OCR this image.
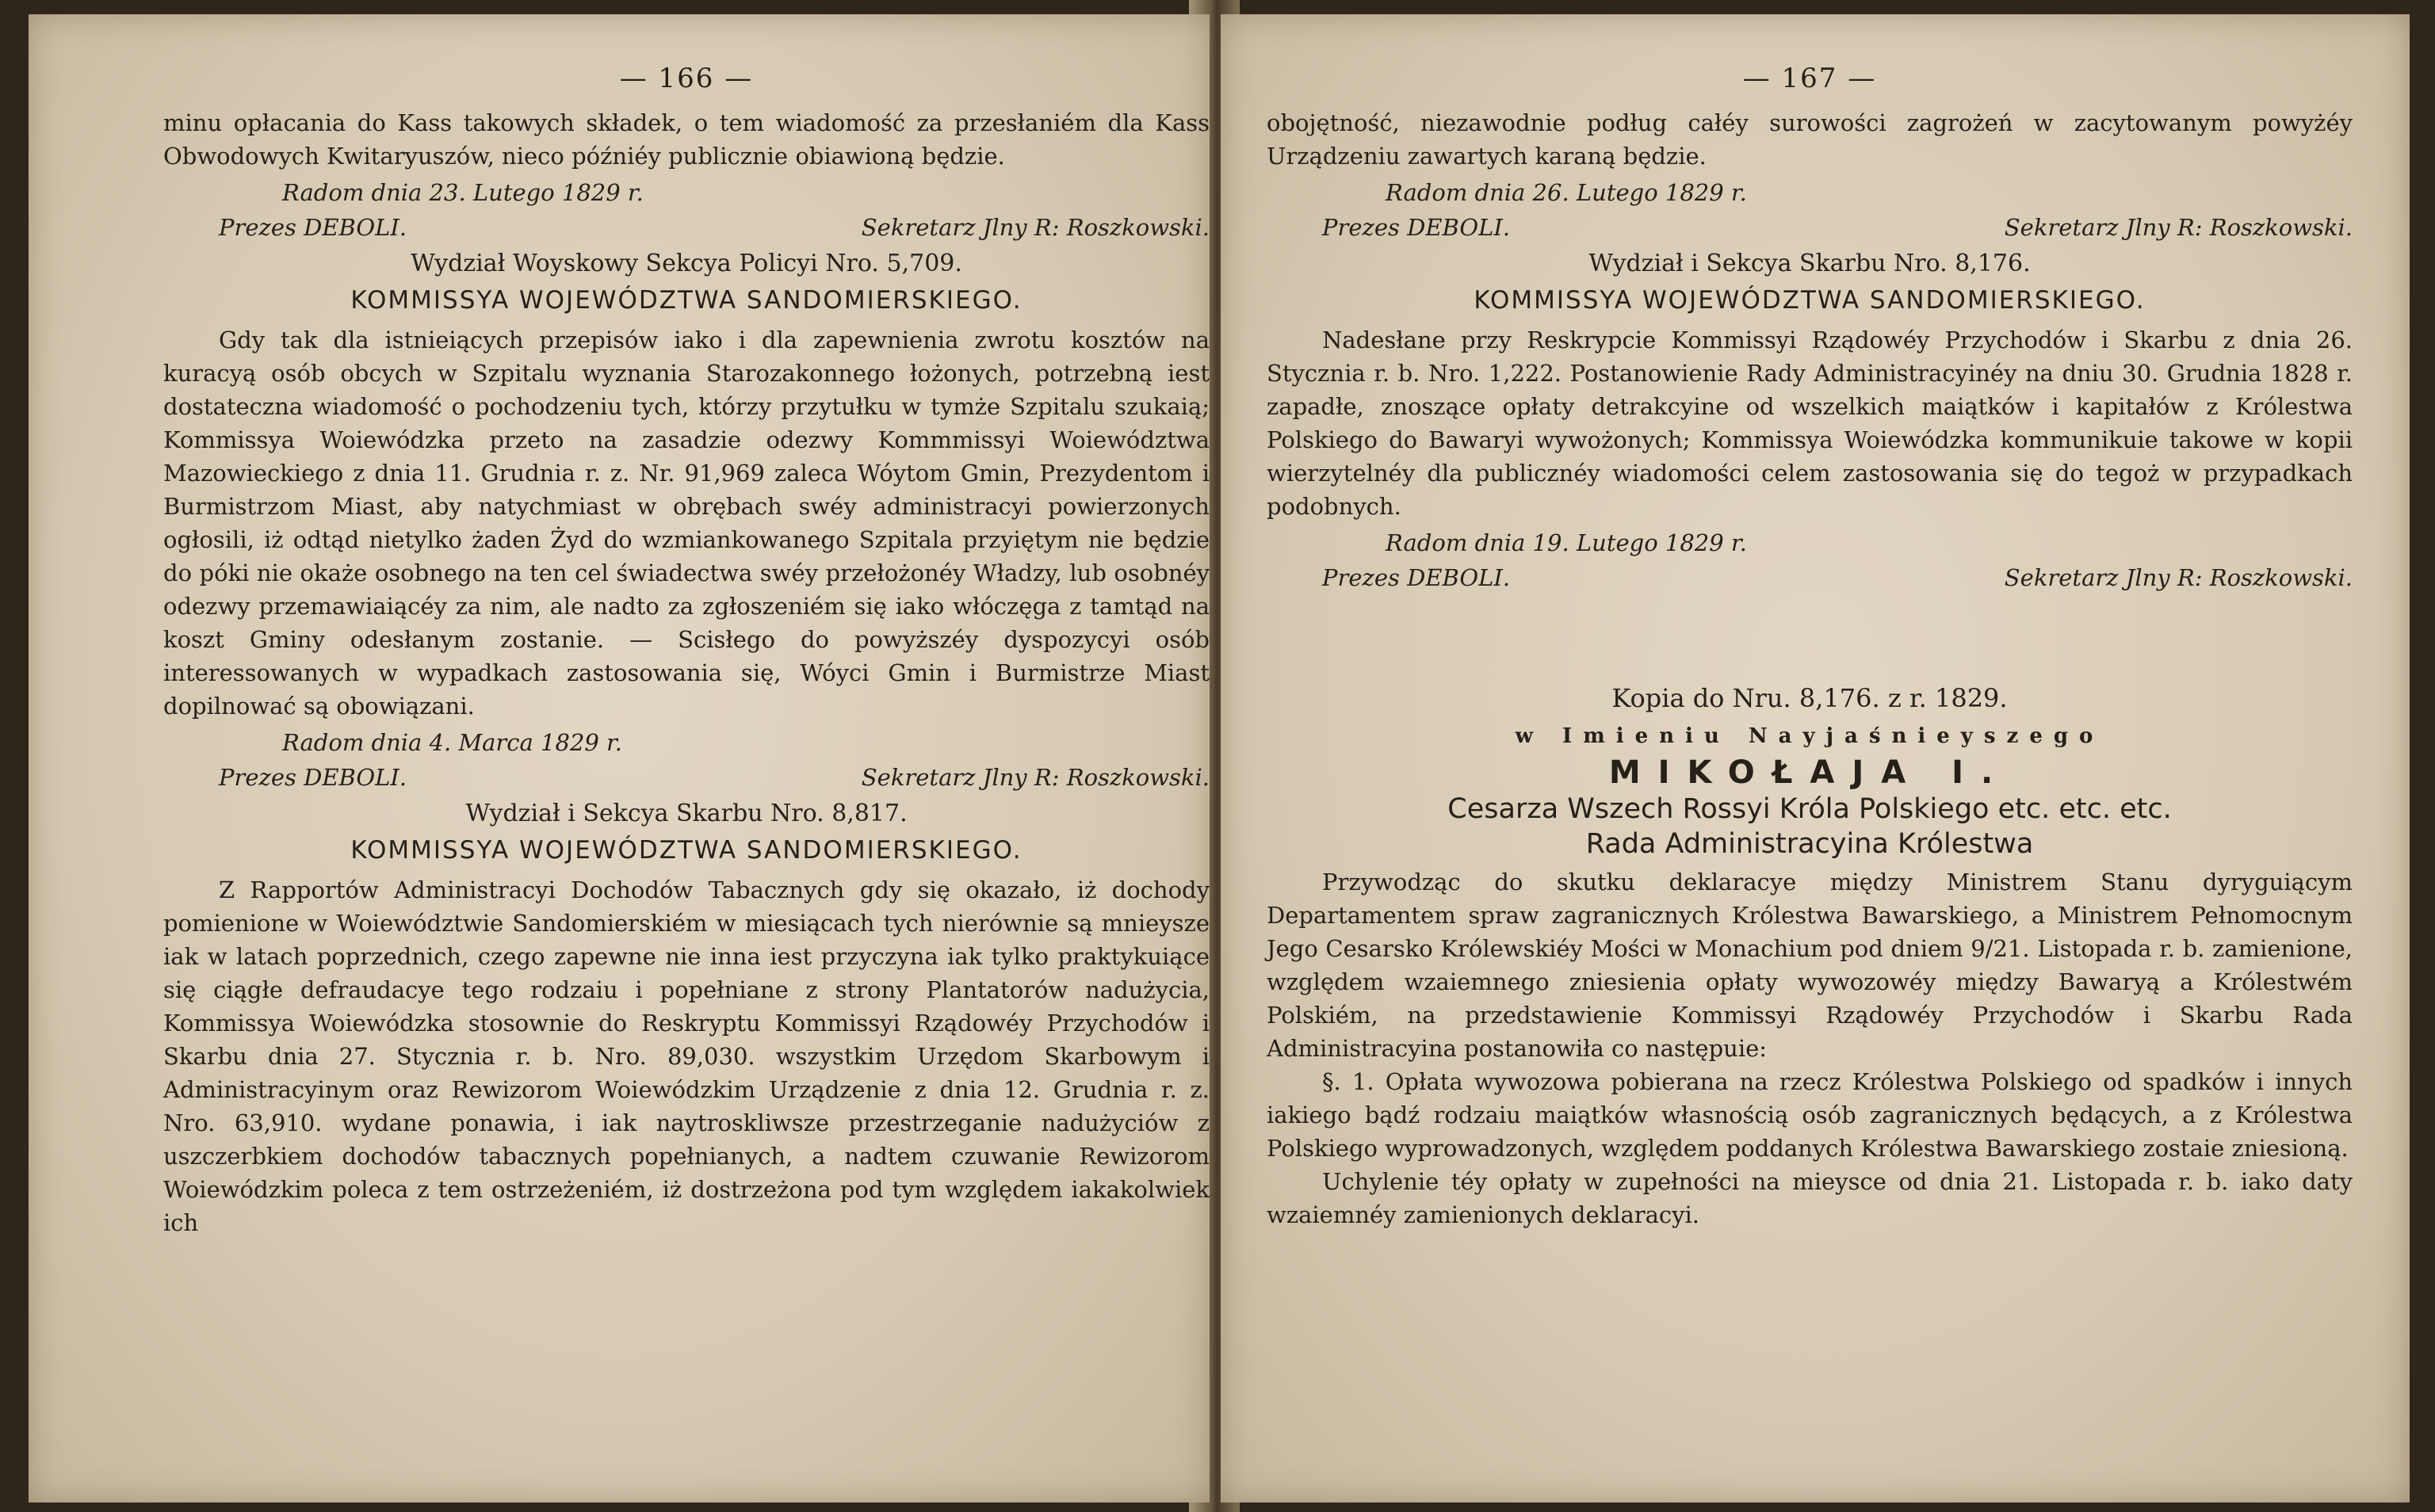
— 166 —

minu opłacania do Kass takowych składek, o tem wiadomość za przesłaniém dla Kass Obwodowych Kwitaryuszów, nieco późniéy publicznie obiawioną będzie.

Radom dnia 23. Lutego 1829 r.
Prezes DEBOLI.	Sekretarz Jlny R: Roszkowski.
Wydział Woyskowy Sekcya Policyi Nro. 5,709.
KOMMISSYA WOJEWÓDZTWA SANDOMIERSKIEGO.

Gdy tak dla istnieiących przepisów iako i dla zapewnienia zwrotu kosztów na kuracyą osób obcych w Szpitalu wyznania Starozakonnego łożonych, potrzebną iest dostateczna wiadomość o pochodzeniu tych, którzy przytułku w tymże Szpitalu szukaią; Kommissya Woiewódzka przeto na zasadzie odezwy Kommmissyi Woiewództwa Mazowieckiego z dnia 11. Grudnia r. z. Nr. 91,969 zaleca Wóytom Gmin, Prezydentom i Burmistrzom Miast, aby natychmiast w obrębach swéy administracyi powierzonych ogłosili, iż odtąd nietylko żaden Żyd do wzmiankowanego Szpitala przyiętym nie będzie do póki nie okaże osobnego na ten cel świadectwa swéy przełożonéy Władzy, lub osobnéy odezwy przemawiaiącéy za nim, ale nadto za zgłoszeniém się iako włóczęga z tamtąd na koszt Gminy odesłanym zostanie. — Scisłego do powyższéy dyspozycyi osób interessowanych w wypadkach zastosowania się, Wóyci Gmin i Burmistrze Miast dopilnować są obowiązani.

Radom dnia 4. Marca 1829 r.
Prezes DEBOLI.	Sekretarz Jlny R: Roszkowski.
Wydział i Sekcya Skarbu Nro. 8,817.
KOMMISSYA WOJEWÓDZTWA SANDOMIERSKIEGO.

Z Rapportów Administracyi Dochodów Tabacznych gdy się okazało, iż dochody pomienione w Woiewództwie Sandomierskiém w miesiącach tych nierównie są mnieysze iak w latach poprzednich, czego zapewne nie inna iest przyczyna iak tylko praktykuiące się ciągłe defraudacye tego rodzaiu i popełniane z strony Plantatorów nadużycia, Kommissya Woiewódzka stosownie do Reskryptu Kommissyi Rządowéy Przychodów i Skarbu dnia 27. Stycznia r. b. Nro. 89,030. wszystkim Urzędom Skarbowym i Administracyinym oraz Rewizorom Woiewódzkim Urządzenie z dnia 12. Grudnia r. z. Nro. 63,910. wydane ponawia, i iak naytroskliwsze przestrzeganie nadużyciów z uszczerbkiem dochodów tabacznych popełnianych, a nadtem czuwanie Rewizorom Woiewódzkim poleca z tem ostrzeżeniém, iż dostrzeżona pod tym względem iakakolwiek ich

— 167 —

obojętność, niezawodnie podług całéy surowości zagrożeń w zacytowanym powyżéy Urządzeniu zawartych karaną będzie.

Radom dnia 26. Lutego 1829 r.
Prezes DEBOLI.	Sekretarz Jlny R: Roszkowski.
Wydział i Sekcya Skarbu Nro. 8,176.
KOMMISSYA WOJEWÓDZTWA SANDOMIERSKIEGO.

Nadesłane przy Reskrypcie Kommissyi Rządowéy Przychodów i Skarbu z dnia 26. Stycznia r. b. Nro. 1,222. Postanowienie Rady Administracyinéy na dniu 30. Grudnia 1828 r. zapadłe, znoszące opłaty detrakcyine od wszelkich maiątków i kapitałów z Królestwa Polskiego do Bawaryi wywożonych; Kommissya Woiewódzka kommunikuie takowe w kopii wierzytelnéy dla publicznéy wiadomości celem zastosowania się do tegoż w przypadkach podobnych.

Radom dnia 19. Lutego 1829 r.
Prezes DEBOLI.	Sekretarz Jlny R: Roszkowski.
Kopia do Nru. 8,176. z r. 1829.
w Imieniu Nayjaśnieyszego
MIKOŁAJA I.
Cesarza Wszech Rossyi Króla Polskiego etc. etc. etc.
Rada Administracyina Królestwa

Przywodząc do skutku deklaracye między Ministrem Stanu dyryguiącym Departamentem spraw zagranicznych Królestwa Bawarskiego, a Ministrem Pełnomocnym Jego Cesarsko Królewskiéy Mości w Monachium pod dniem 9/21. Listopada r. b. zamienione, względem wzaiemnego zniesienia opłaty wywozowéy między Bawaryą a Królestwém Polskiém, na przedstawienie Kommissyi Rządowéy Przychodów i Skarbu Rada Administracyina postanowiła co następuie:

§. 1. Opłata wywozowa pobierana na rzecz Królestwa Polskiego od spadków i innych iakiego bądź rodzaiu maiątków własnością osób zagranicznych będących, a z Królestwa Polskiego wyprowadzonych, względem poddanych Królestwa Bawarskiego zostaie zniesioną.

Uchylenie téy opłaty w zupełności na mieysce od dnia 21. Listopada r. b. iako daty wzaiemnéy zamienionych deklaracyi.
